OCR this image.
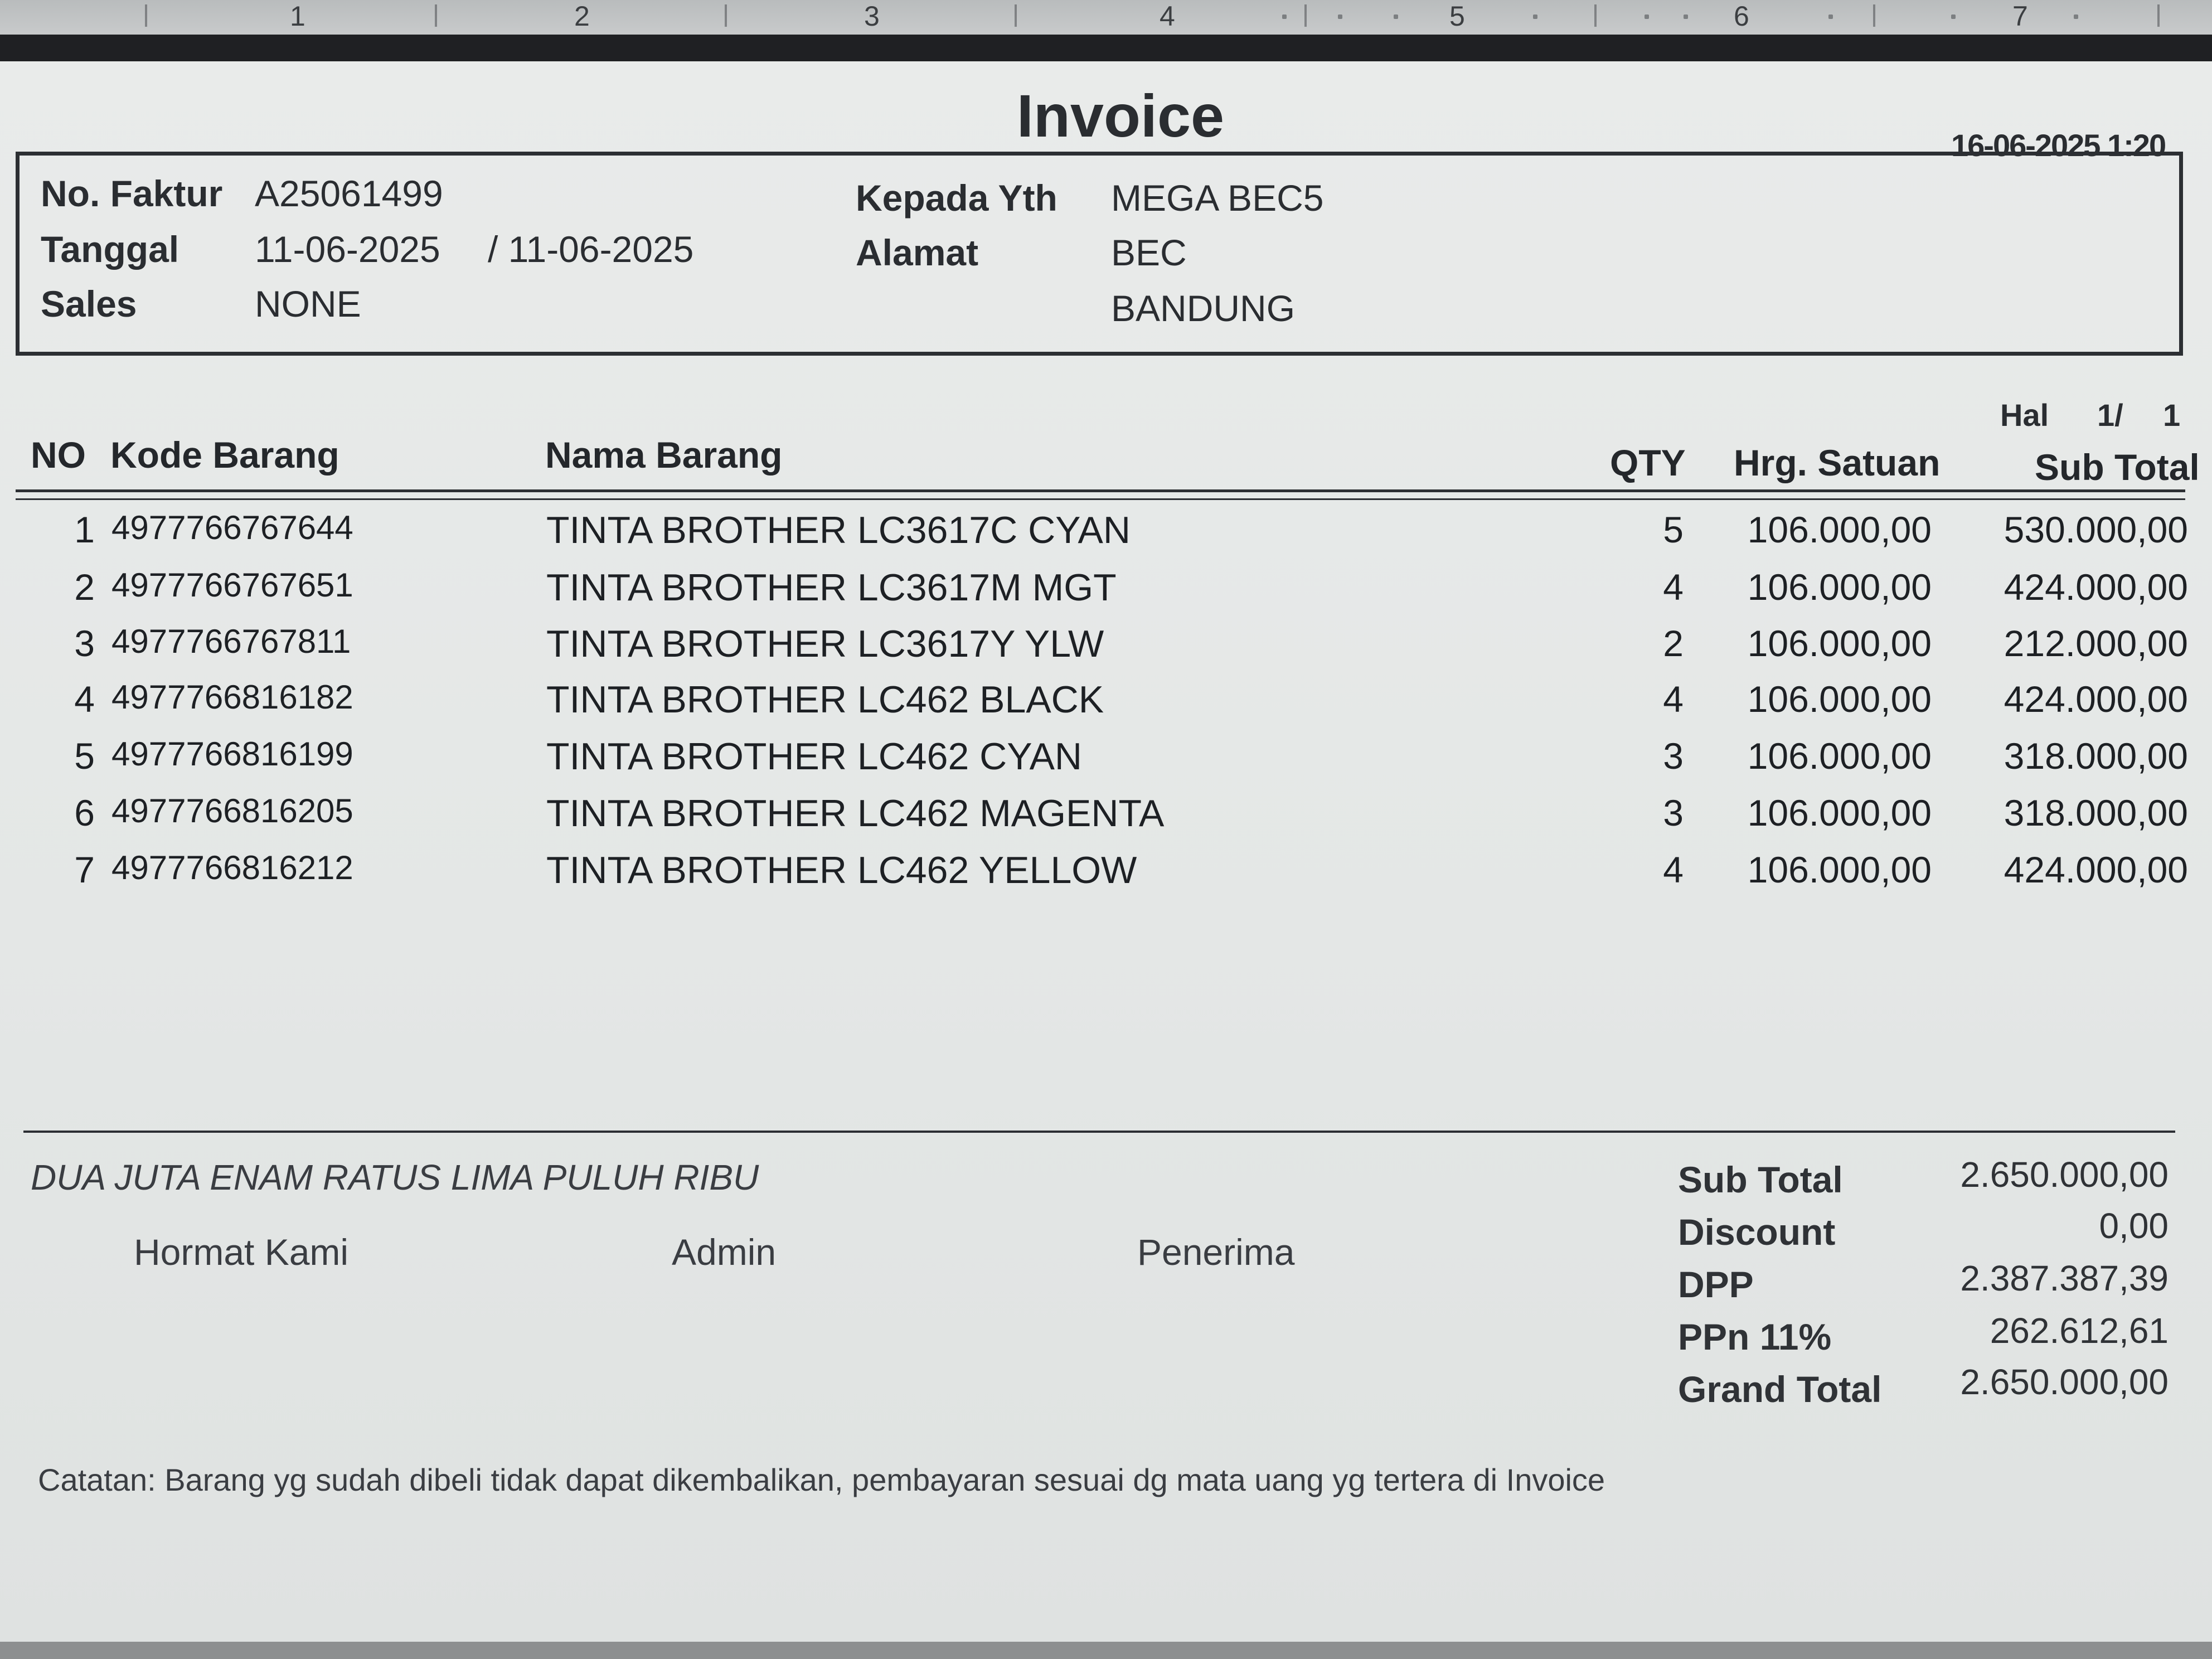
1	2	3	4	5	6	7
Invoice	16-06-2025 1:20
No. Faktur A25061499
Tanggal 11-06-2025 / 11-06-2025
Sales	NONE
Kepada Yth MEGA BEC5
Alamat	BEC
BANDUNG
Hal 1/ 1
NO Kode Barang	Nama Barang	QTY Hrg. Satuan	Sub Total
1 4977766767644	TINTA BROTHER LC3617C CYAN	5	106.000,00	530.000,00
2 4977766767651	TINTA BROTHER LC3617M MGT	4	106.000,00	424.000,00
3 4977766767811	TINTA BROTHER LC3617Y YLW	2	106.000,00	212.000,00
4 4977766816182	TINTA BROTHER LC462 BLACK	4	106.000,00	424.000,00
5 4977766816199	TINTA BROTHER LC462 CYAN	3	106.000,00	318.000,00
6 4977766816205	TINTA BROTHER LC462 MAGENTA	3	106.000,00	318.000,00
7 4977766816212	TINTA BROTHER LC462 YELLOW	4	106.000,00	424.000,00
DUA JUTA ENAM RATUS LIMA PULUH RIBU
Hormat Kami	Admin	Penerima
Sub Total	2.650.000,00
Discount	0,00
DPP	2.387.387,39
PPn 11%	262.612,61
Grand Total	2.650.000,00
Catatan: Barang yg sudah dibeli tidak dapat dikembalikan, pembayaran sesuai dg mata uang yg tertera di Invoice
